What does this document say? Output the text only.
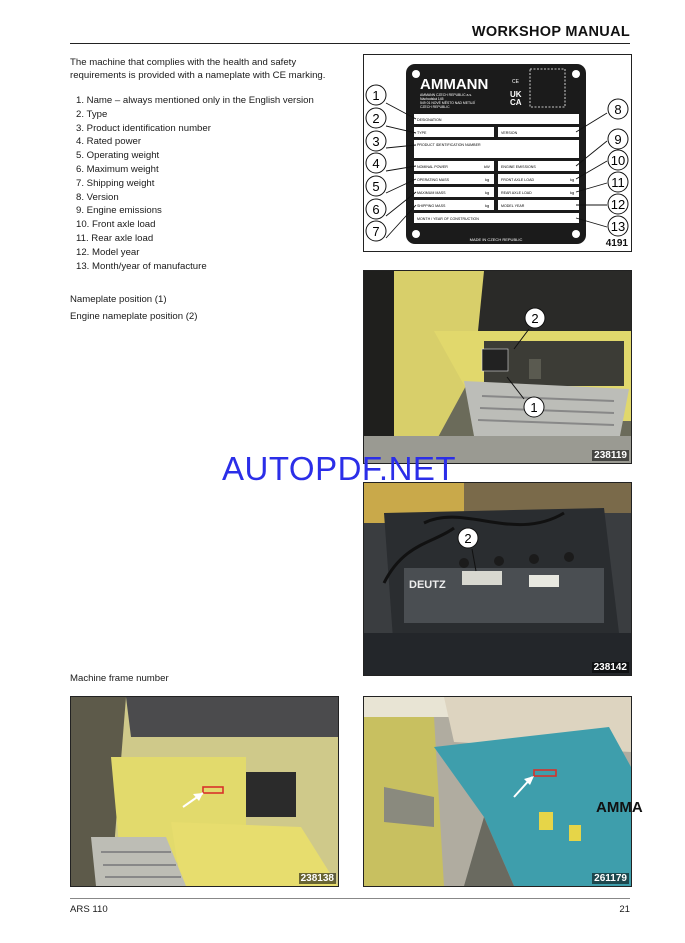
WORKSHOP MANUAL
The machine that complies with the health and safety requirements is provided with a nameplate with CE marking.
1. Name – always mentioned only in the English version
2. Type
3. Product identification number
4. Rated power
5. Operating weight
6. Maximum weight
7. Shipping weight
8. Version
9. Engine emissions
10. Front axle load
11. Rear axle load
12. Model year
13. Month/year of manufacture
Nameplate position (1)
Engine nameplate position (2)
Machine frame number
AMMANN
AMMANN CZECH REPUBLIC a.s.
Náchodská 145
549 01 NOVÉ MĚSTO NAD METUJÍ
CZECH REPUBLIC
CE
UK
CA
DESIGNATION
TYPE	VERSION
PRODUCT IDENTIFICATION NUMBER
NOMINAL POWER	kW	ENGINE EMISSIONS
OPERATING MASS	kg	FRONT AXLE LOAD	kg
MAXIMUM MASS	kg	REAR AXLE LOAD	kg
SHIPPING MASS	kg	MODEL YEAR
MONTH / YEAR OF CONSTRUCTION
MADE IN CZECH REPUBLIC
1
2
3
4
5
6
7
8
9
10
11
12
13
4191
2
1
238119
DEUTZ
2
238142
238138
AMMA
261179
AUTOPDF.NET
ARS 110	21
